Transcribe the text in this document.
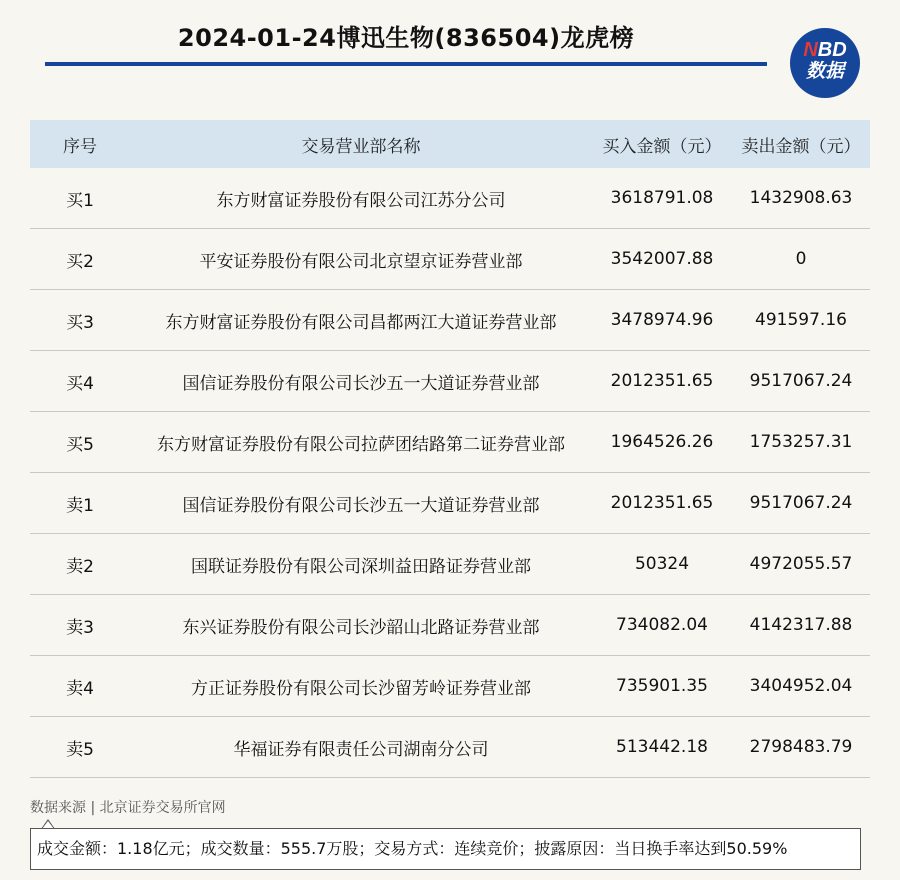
2024-01-24博迅生物(836504)龙虎榜	NBD
数据
序号	交易营业部名称	买入金额（元）	卖出金额（元）
买1	东方财富证券股份有限公司江苏分公司	3618791.08	1432908.63
买2	平安证券股份有限公司北京望京证券营业部	3542007.88	0
买3	东方财富证券股份有限公司昌都两江大道证券营业部	3478974.96	491597.16
买4	国信证券股份有限公司长沙五一大道证券营业部	2012351.65	9517067.24
买5	东方财富证券股份有限公司拉萨团结路第二证券营业部	1964526.26	1753257.31
卖1	国信证券股份有限公司长沙五一大道证券营业部	2012351.65	9517067.24
卖2	国联证券股份有限公司深圳益田路证券营业部	50324	4972055.57
卖3	东兴证券股份有限公司长沙韶山北路证券营业部	734082.04	4142317.88
卖4	方正证券股份有限公司长沙留芳岭证券营业部	735901.35	3404952.04
卖5	华福证券有限责任公司湖南分公司	513442.18	2798483.79
数据来源 | 北京证券交易所官网
成交金额：1.18亿元；成交数量：555.7万股；交易方式：连续竞价；披露原因：当日换手率达到50.59%
